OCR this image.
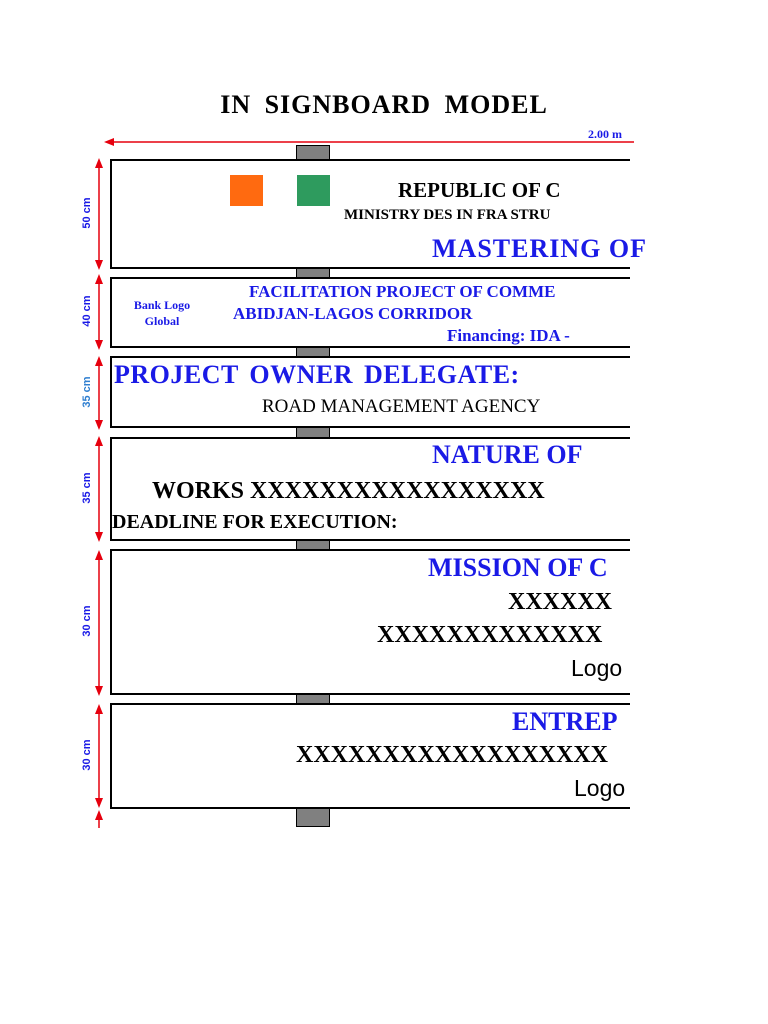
IN SIGNBOARD MODEL
2.00 m
50 cm
40 cm
35 cm
35 cm
30 cm
30 cm
REPUBLIC OF C
MINISTRY DES IN FRA STRU
MASTERING OF
Bank Logo
Global
FACILITATION PROJECT OF COMME
ABIDJAN-LAGOS CORRIDOR
Financing: IDA -
PROJECT OWNER DELEGATE:
ROAD MANAGEMENT AGENCY
NATURE OF
WORKS XXXXXXXXXXXXXXXXX
DEADLINE FOR EXECUTION:
MISSION OF C
XXXXXX
XXXXXXXXXXXXX
Logo
ENTREP
XXXXXXXXXXXXXXXXXX
Logo
